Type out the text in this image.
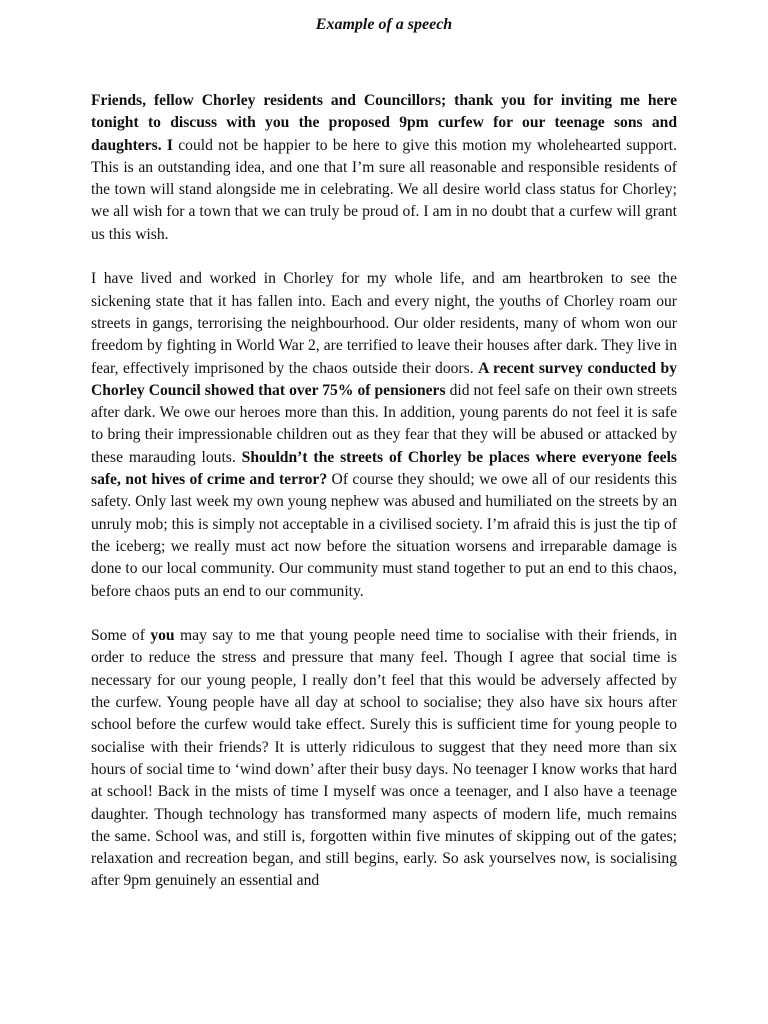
Example of a speech

Friends, fellow Chorley residents and Councillors; thank you for inviting me here tonight to discuss with you the proposed 9pm curfew for our teenage sons and daughters. I could not be happier to be here to give this motion my wholehearted support. This is an outstanding idea, and one that I’m sure all reasonable and responsible residents of the town will stand alongside me in celebrating. We all desire world class status for Chorley; we all wish for a town that we can truly be proud of. I am in no doubt that a curfew will grant us this wish.

I have lived and worked in Chorley for my whole life, and am heartbroken to see the sickening state that it has fallen into. Each and every night, the youths of Chorley roam our streets in gangs, terrorising the neighbourhood. Our older residents, many of whom won our freedom by fighting in World War 2, are terrified to leave their houses after dark. They live in fear, effectively imprisoned by the chaos outside their doors. A recent survey conducted by Chorley Council showed that over 75% of pensioners did not feel safe on their own streets after dark. We owe our heroes more than this. In addition, young parents do not feel it is safe to bring their impressionable children out as they fear that they will be abused or attacked by these marauding louts. Shouldn’t the streets of Chorley be places where everyone feels safe, not hives of crime and terror? Of course they should; we owe all of our residents this safety. Only last week my own young nephew was abused and humiliated on the streets by an unruly mob; this is simply not acceptable in a civilised society. I’m afraid this is just the tip of the iceberg; we really must act now before the situation worsens and irreparable damage is done to our local community. Our community must stand together to put an end to this chaos, before chaos puts an end to our community.

Some of you may say to me that young people need time to socialise with their friends, in order to reduce the stress and pressure that many feel. Though I agree that social time is necessary for our young people, I really don’t feel that this would be adversely affected by the curfew. Young people have all day at school to socialise; they also have six hours after school before the curfew would take effect. Surely this is sufficient time for young people to socialise with their friends? It is utterly ridiculous to suggest that they need more than six hours of social time to ‘wind down’ after their busy days. No teenager I know works that hard at school! Back in the mists of time I myself was once a teenager, and I also have a teenage daughter. Though technology has transformed many aspects of modern life, much remains the same. School was, and still is, forgotten within five minutes of skipping out of the gates; relaxation and recreation began, and still begins, early. So ask yourselves now, is socialising after 9pm genuinely an essential and
